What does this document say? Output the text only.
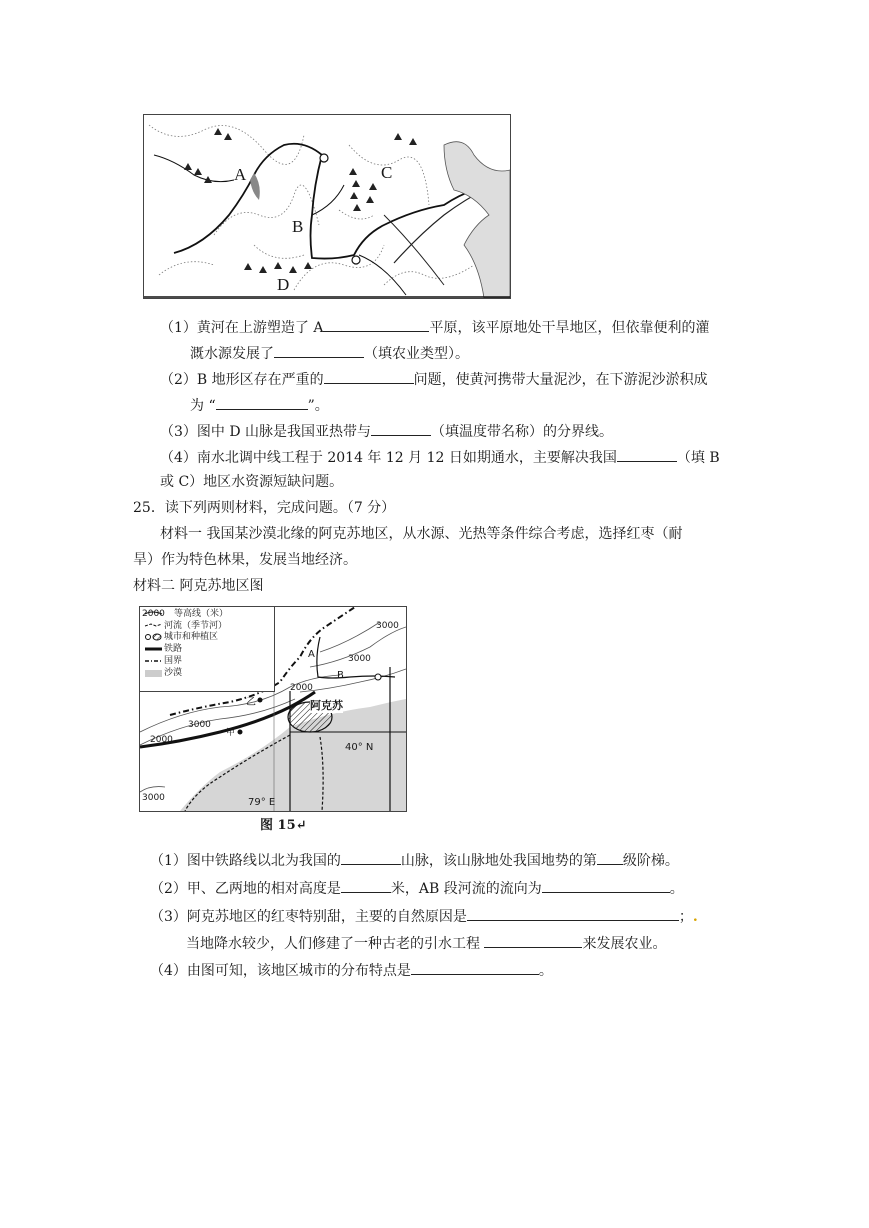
A
B
C
D
（1）黄河在上游塑造了 A	平原，该平原地处干旱地区，但依靠便利的灌
溉水源发展了	（填农业类型）。
（2）B 地形区存在严重的	问题，使黄河携带大量泥沙，在下游泥沙淤积成
为 “	”。
（3）图中 D 山脉是我国亚热带与	（填温度带名称）的分界线。
（4）南水北调中线工程于 2014 年 12 月 12 日如期通水，主要解决我国	（填 B
或 C）地区水资源短缺问题。
25．读下列两则材料，完成问题。（7 分）
材料一 我国某沙漠北缘的阿克苏地区，从水源、光热等条件综合考虑，选择红枣（耐
旱）作为特色林果，发展当地经济。
材料二 阿克苏地区图
2000 等高线（米）
河流（季节河）
城市和种植区
铁路
国界
沙漠
3000
3000
3000
3000
2000
2000
A
B
乙
甲
阿克苏
40° N
79° E
图 15↵
（1）图中铁路线以北为我国的	山脉，该山脉地处我国地势的第 级阶梯。
（2）甲、乙两地的相对高度是	米，AB 段河流的流向为	。
（3）阿克苏地区的红枣特别甜，主要的自然原因是	；.
当地降水较少，人们修建了一种古老的引水工程	来发展农业。
（4）由图可知，该地区城市的分布特点是	。
